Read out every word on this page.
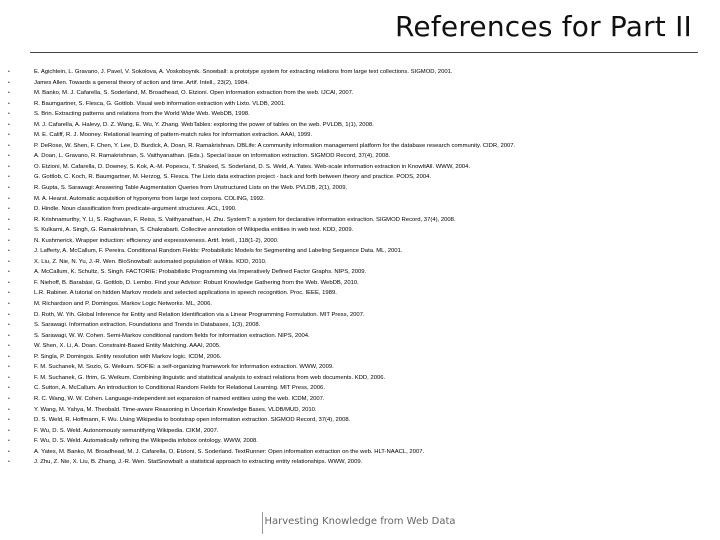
References for Part II
•	E. Agichtein, L. Gravano, J. Pavel, V. Sokolova, A. Voskoboynik. Snowball: a prototype system for extracting relations from large text collections. SIGMOD, 2001.
•	James Allen. Towards a general theory of action and time. Artif. Intell., 23(2), 1984.
•	M. Banko, M. J. Cafarella, S. Soderland, M. Broadhead, O. Etzioni. Open information extraction from the web. IJCAI, 2007.
•	R. Baumgartner, S. Flesca, G. Gottlob. Visual web information extraction with Lixto. VLDB, 2001.
•	S. Brin. Extracting patterns and relations from the World Wide Web. WebDB, 1998.
•	M. J. Cafarella, A. Halevy, D. Z. Wang, E. Wu, Y. Zhang. WebTables: exploring the power of tables on the web. PVLDB, 1(1), 2008.
•	M. E. Califf, R. J. Mooney. Relational learning of pattern-match rules for information extraction. AAAI, 1999.
•	P. DeRose, W. Shen, F. Chen, Y. Lee, D. Burdick, A. Doan, R. Ramakrishnan. DBLife: A community information management platform for the database research community. CIDR, 2007.
•	A. Doan, L. Gravano, R. Ramakrishnan, S. Vaithyanathan. (Eds.). Special issue on information extraction. SIGMOD Record, 37(4), 2008.
•	O. Etzioni, M. Cafarella, D. Downey, S. Kok, A.-M. Popescu, T. Shaked, S. Soderland, D. S. Weld, A. Yates. Web-scale information extraction in KnowItAll. WWW, 2004.
•	G. Gottlob, C. Koch, R. Baumgartner, M. Herzog, S. Flesca. The Lixto data extraction project - back and forth between theory and practice. PODS, 2004.
•	R. Gupta, S. Sarawagi: Answering Table Augmentation Queries from Unstructured Lists on the Web. PVLDB, 2(1), 2009.
•	M. A. Hearst. Automatic acquisition of hyponyms from large text corpora. COLING, 1992.
•	D. Hindle. Noun classification from predicate-argument structures. ACL, 1990.
•	R. Krishnamurthy, Y. Li, S. Raghavan, F. Reiss, S. Vaithyanathan, H. Zhu. SystemT: a system for declarative information extraction. SIGMOD Record, 37(4), 2008.
•	S. Kulkarni, A. Singh, G. Ramakrishnan, S. Chakrabarti. Collective annotation of Wikipedia entities in web text. KDD, 2009.
•	N. Kushmerick. Wrapper induction: efficiency and expressiveness. Artif. Intell., 118(1-2), 2000.
•	J. Lafferty, A. McCallum, F. Pereira. Conditional Random Fields: Probabilistic Models for Segmenting and Labeling Sequence Data. ML, 2001.
•	X. Liu, Z. Nie, N. Yu, J.-R. Wen. BioSnowball: automated population of Wikis. KDD, 2010.
•	A. McCallum, K. Schultz, S. Singh. FACTORIE: Probabilistic Programming via Imperatively Defined Factor Graphs. NIPS, 2009.
•	F. Niehoff, B. Barabási, G. Gottlob, D. Lembo. Find your Advisor: Robust Knowledge Gathering from the Web. WebDB, 2010.
•	L.R. Rabiner. A tutorial on hidden Markov models and selected applications in speech recognition. Proc. IEEE, 1989.
•	M. Richardson and P. Domingos. Markov Logic Networks. ML, 2006.
•	D. Roth, W. Yih. Global Inference for Entity and Relation Identification via a Linear Programming Formulation. MIT Press, 2007.
•	S. Sarawagi. Information extraction. Foundations and Trends in Databases, 1(3), 2008.
•	S. Sarawagi, W. W. Cohen. Semi-Markov conditional random fields for information extraction. NIPS, 2004.
•	W. Shen, X. Li, A. Doan. Constraint-Based Entity Matching. AAAI, 2005.
•	P. Singla, P. Domingos. Entity resolution with Markov logic. ICDM, 2006.
•	F. M. Suchanek, M. Sozio, G. Weikum. SOFIE: a self-organizing framework for information extraction. WWW, 2009.
•	F. M. Suchanek, G. Ifrim, G. Weikum. Combining linguistic and statistical analysis to extract relations from web documents. KDD, 2006.
•	C. Sutton, A. McCallum. An introduction to Conditional Random Fields for Relational Learning. MIT Press, 2006.
•	R. C. Wang, W. W. Cohen. Language-independent set expansion of named entities using the web. ICDM, 2007.
•	Y. Wang, M. Yahya, M. Theobald. Time-aware Reasoning in Uncertain Knowledge Bases. VLDB/MUD, 2010.
•	D. S. Weld, R. Hoffmann, F. Wu. Using Wikipedia to bootstrap open information extraction. SIGMOD Record, 37(4), 2008.
•	F. Wu, D. S. Weld. Autonomously semantifying Wikipedia. CIKM, 2007.
•	F. Wu, D. S. Weld. Automatically refining the Wikipedia infobox ontology. WWW, 2008.
•	A. Yates, M. Banko, M. Broadhead, M. J. Cafarella, O. Etzioni, S. Soderland. TextRunner: Open information extraction on the web. HLT-NAACL, 2007.
•	J. Zhu, Z. Nie, X. Liu, B. Zhang, J.-R. Wen. StatSnowball: a statistical approach to extracting entity relationships. WWW, 2009.
Harvesting Knowledge from Web Data
